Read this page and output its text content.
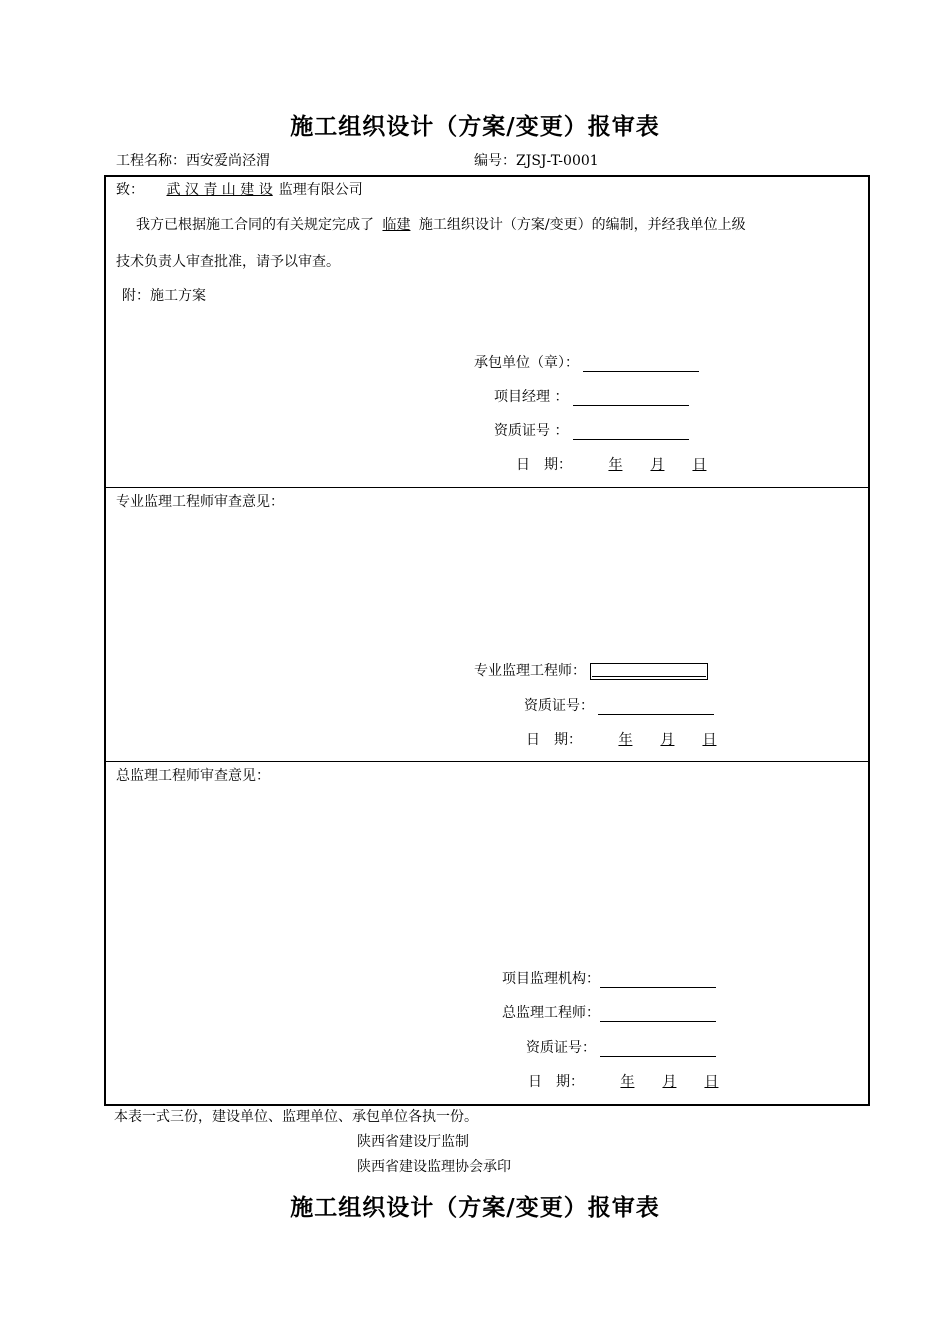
施工组织设计（方案/变更）报审表
工程名称：西安爱尚泾渭	编号：ZJSJ-T-0001
致： 武 汉 青 山 建 设 监理有限公司
我方已根据施工合同的有关规定完成了 临建 施工组织设计（方案/变更）的编制，并经我单位上级
技术负责人审查批准，请予以审查。
附：施工方案
承包单位（章）：
项目经理 ：
资质证号 ：
日　期：	年 月 日
专业监理工程师审查意见：
专业监理工程师：
资质证号：
日　期：	年 月 日
总监理工程师审查意见：
项目监理机构：
总监理工程师：
资质证号：
日　期：	年 月 日
本表一式三份，建设单位、监理单位、承包单位各执一份。
陕西省建设厅监制
陕西省建设监理协会承印
施工组织设计（方案/变更）报审表
